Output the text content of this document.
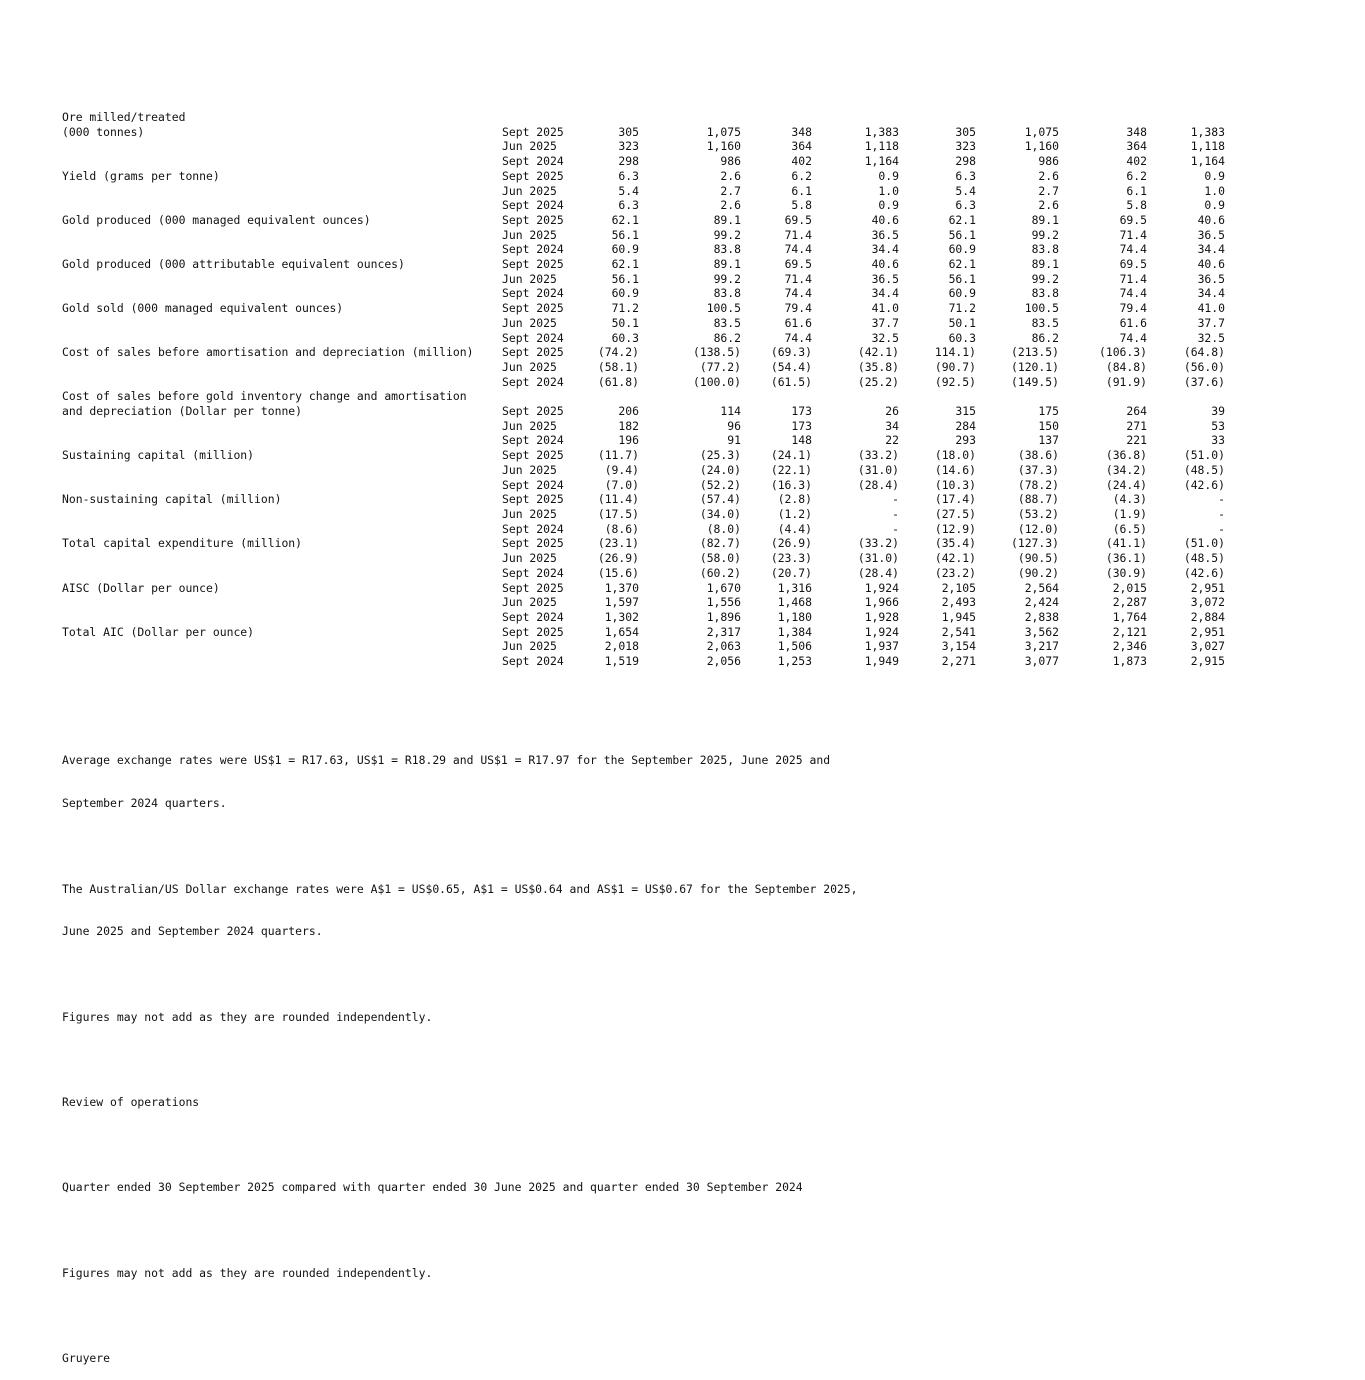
Ore milled/treated									
(000 tonnes)	Sept 2025	305	1,075	348	1,383	305	1,075	348	1,383
	Jun 2025	323	1,160	364	1,118	323	1,160	364	1,118
	Sept 2024	298	986	402	1,164	298	986	402	1,164
Yield (grams per tonne)	Sept 2025	6.3	2.6	6.2	0.9	6.3	2.6	6.2	0.9
	Jun 2025	5.4	2.7	6.1	1.0	5.4	2.7	6.1	1.0
	Sept 2024	6.3	2.6	5.8	0.9	6.3	2.6	5.8	0.9
Gold produced (000 managed equivalent ounces)	Sept 2025	62.1	89.1	69.5	40.6	62.1	89.1	69.5	40.6
	Jun 2025	56.1	99.2	71.4	36.5	56.1	99.2	71.4	36.5
	Sept 2024	60.9	83.8	74.4	34.4	60.9	83.8	74.4	34.4
Gold produced (000 attributable equivalent ounces)	Sept 2025	62.1	89.1	69.5	40.6	62.1	89.1	69.5	40.6
	Jun 2025	56.1	99.2	71.4	36.5	56.1	99.2	71.4	36.5
	Sept 2024	60.9	83.8	74.4	34.4	60.9	83.8	74.4	34.4
Gold sold (000 managed equivalent ounces)	Sept 2025	71.2	100.5	79.4	41.0	71.2	100.5	79.4	41.0
	Jun 2025	50.1	83.5	61.6	37.7	50.1	83.5	61.6	37.7
	Sept 2024	60.3	86.2	74.4	32.5	60.3	86.2	74.4	32.5
Cost of sales before amortisation and depreciation (million)	Sept 2025	(74.2)	(138.5)	(69.3)	(42.1)	114.1)	(213.5)	(106.3)	(64.8)
	Jun 2025	(58.1)	(77.2)	(54.4)	(35.8)	(90.7)	(120.1)	(84.8)	(56.0)
	Sept 2024	(61.8)	(100.0)	(61.5)	(25.2)	(92.5)	(149.5)	(91.9)	(37.6)
Cost of sales before gold inventory change and amortisation									
and depreciation (Dollar per tonne)	Sept 2025	206	114	173	26	315	175	264	39
	Jun 2025	182	96	173	34	284	150	271	53
	Sept 2024	196	91	148	22	293	137	221	33
Sustaining capital (million)	Sept 2025	(11.7)	(25.3)	(24.1)	(33.2)	(18.0)	(38.6)	(36.8)	(51.0)
	Jun 2025	(9.4)	(24.0)	(22.1)	(31.0)	(14.6)	(37.3)	(34.2)	(48.5)
	Sept 2024	(7.0)	(52.2)	(16.3)	(28.4)	(10.3)	(78.2)	(24.4)	(42.6)
Non-sustaining capital (million)	Sept 2025	(11.4)	(57.4)	(2.8)	-	(17.4)	(88.7)	(4.3)	-
	Jun 2025	(17.5)	(34.0)	(1.2)	-	(27.5)	(53.2)	(1.9)	-
	Sept 2024	(8.6)	(8.0)	(4.4)	-	(12.9)	(12.0)	(6.5)	-
Total capital expenditure (million)	Sept 2025	(23.1)	(82.7)	(26.9)	(33.2)	(35.4)	(127.3)	(41.1)	(51.0)
	Jun 2025	(26.9)	(58.0)	(23.3)	(31.0)	(42.1)	(90.5)	(36.1)	(48.5)
	Sept 2024	(15.6)	(60.2)	(20.7)	(28.4)	(23.2)	(90.2)	(30.9)	(42.6)
AISC (Dollar per ounce)	Sept 2025	1,370	1,670	1,316	1,924	2,105	2,564	2,015	2,951
	Jun 2025	1,597	1,556	1,468	1,966	2,493	2,424	2,287	3,072
	Sept 2024	1,302	1,896	1,180	1,928	1,945	2,838	1,764	2,884
Total AIC (Dollar per ounce)	Sept 2025	1,654	2,317	1,384	1,924	2,541	3,562	2,121	2,951
	Jun 2025	2,018	2,063	1,506	1,937	3,154	3,217	2,346	3,027
	Sept 2024	1,519	2,056	1,253	1,949	2,271	3,077	1,873	2,915

Average exchange rates were US$1 = R17.63, US$1 = R18.29 and US$1 = R17.97 for the September 2025, June 2025 and

September 2024 quarters.

The Australian/US Dollar exchange rates were A$1 = US$0.65, A$1 = US$0.64 and AS$1 = US$0.67 for the September 2025,

June 2025 and September 2024 quarters.

Figures may not add as they are rounded independently.

Review of operations

Quarter ended 30 September 2025 compared with quarter ended 30 June 2025 and quarter ended 30 September 2024

Figures may not add as they are rounded independently.

Gruyere
